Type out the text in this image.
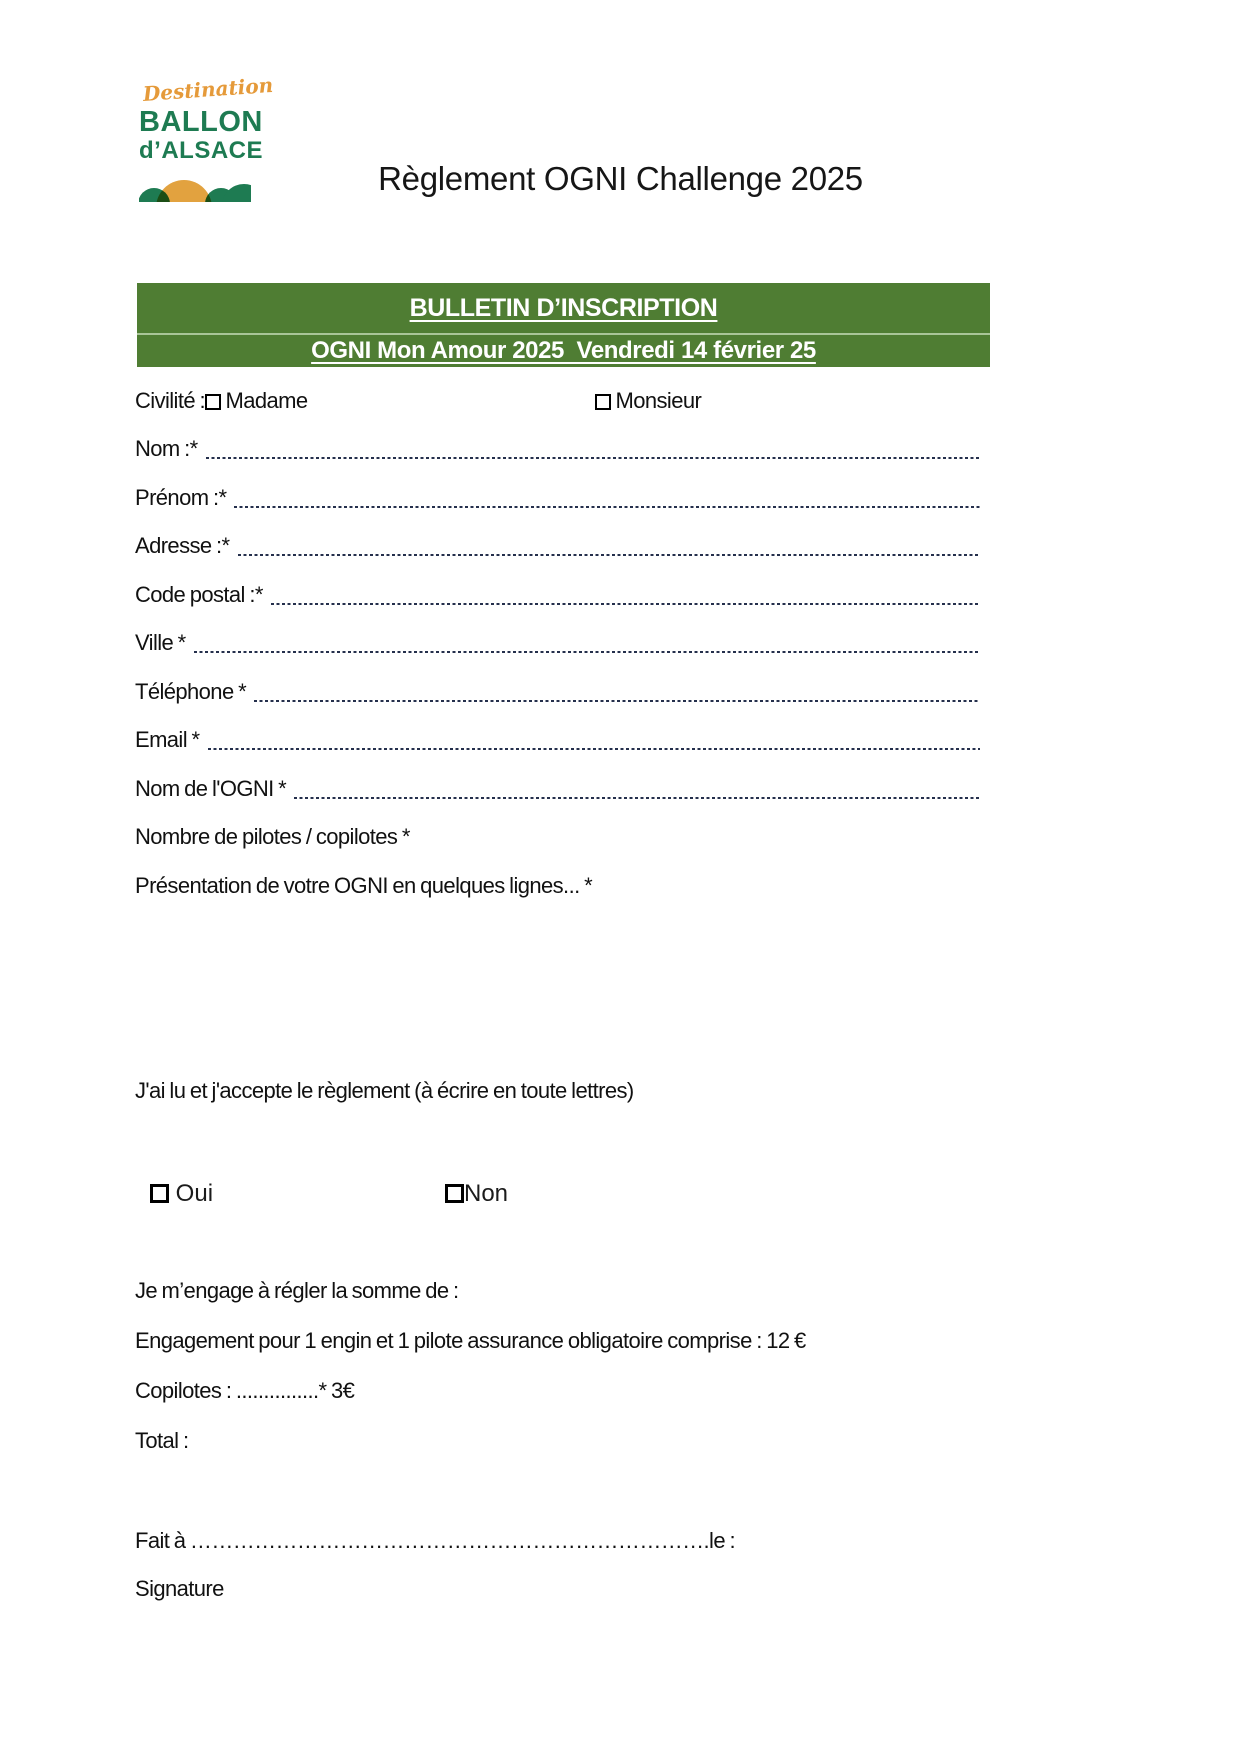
Destination
BALLON
d’ALSACE
Règlement OGNI Challenge 2025
BULLETIN D’INSCRIPTION
OGNI Mon Amour 2025  Vendredi 14 février 25
Civilité : Madame	Monsieur
Nom :*
Prénom :*
Adresse :*
Code postal :*
Ville *
Téléphone *
Email *
Nom de l'OGNI *
Nombre de pilotes / copilotes *
Présentation de votre OGNI en quelques lignes... *
J'ai lu et j'accepte le règlement (à écrire en toute lettres)
Oui	Non
Je m’engage à régler la somme de :
Engagement pour 1 engin et 1 pilote assurance obligatoire comprise : 12 €
Copilotes : ...............* 3€
Total :
Fait à ……………………………………………………………….le :
Signature
